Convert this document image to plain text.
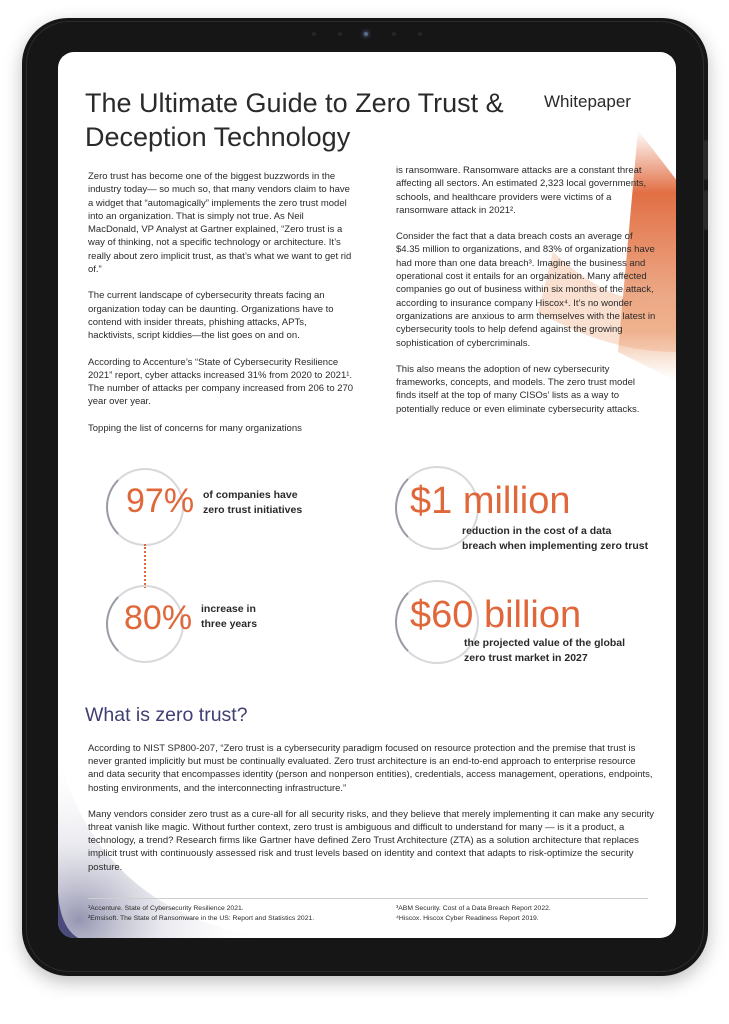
The Ultimate Guide to Zero Trust & Deception Technology
Whitepaper

Zero trust has become one of the biggest buzzwords in the industry today— so much so, that many vendors claim to have a widget that “automagically” implements the zero trust model into an organization. That is simply not true. As Neil MacDonald, VP Analyst at Gartner explained, “Zero trust is a way of thinking, not a specific technology or architecture. It’s really about zero implicit trust, as that’s what we want to get rid of.”

The current landscape of cybersecurity threats facing an organization today can be daunting. Organizations have to contend with insider threats, phishing attacks, APTs, hacktivists, script kiddies—the list goes on and on.

According to Accenture’s “State of Cybersecurity Resilience 2021” report, cyber attacks increased 31% from 2020 to 2021¹. The number of attacks per company increased from 206 to 270 year over year.

Topping the list of concerns for many organizations

is ransomware. Ransomware attacks are a constant threat affecting all sectors. An estimated 2,323 local governments, schools, and healthcare providers were victims of a ransomware attack in 2021².

Consider the fact that a data breach costs an average of $4.35 million to organizations, and 83% of organizations have had more than one data breach³. Imagine the business and operational cost it entails for an organization. Many affected companies go out of business within six months of the attack, according to insurance company Hiscox⁴. It’s no wonder organizations are anxious to arm themselves with the latest in cybersecurity tools to help defend against the growing sophistication of cybercriminals.

This also means the adoption of new cybersecurity frameworks, concepts, and models. The zero trust model finds itself at the top of many CISOs’ lists as a way to potentially reduce or even eliminate cybersecurity attacks.

97% of companies have
zero trust initiatives
80% increase in
three years
$1 million
reduction in the cost of a data
breach when implementing zero trust
$60 billion
the projected value of the global
zero trust market in 2027
What is zero trust?

According to NIST SP800-207, “Zero trust is a cybersecurity paradigm focused on resource protection and the premise that trust is never granted implicitly but must be continually evaluated. Zero trust architecture is an end-to-end approach to enterprise resource and data security that encompasses identity (person and nonperson entities), credentials, access management, operations, endpoints, hosting environments, and the interconnecting infrastructure.”

Many vendors consider zero trust as a cure-all for all security risks, and they believe that merely implementing it can make any security threat vanish like magic. Without further context, zero trust is ambiguous and difficult to understand for many — is it a product, a technology, a trend? Research firms like Gartner have defined Zero Trust Architecture (ZTA) as a solution architecture that replaces implicit trust with continuously assessed risk and trust levels based on identity and context that adapts to risk-optimize the security posture.

¹Accenture. State of Cybersecurity Resilience 2021.
²Emsisoft. The State of Ransomware in the US: Report and Statistics 2021.
³ABM Security. Cost of a Data Breach Report 2022.
⁴Hiscox. Hiscox Cyber Readiness Report 2019.
